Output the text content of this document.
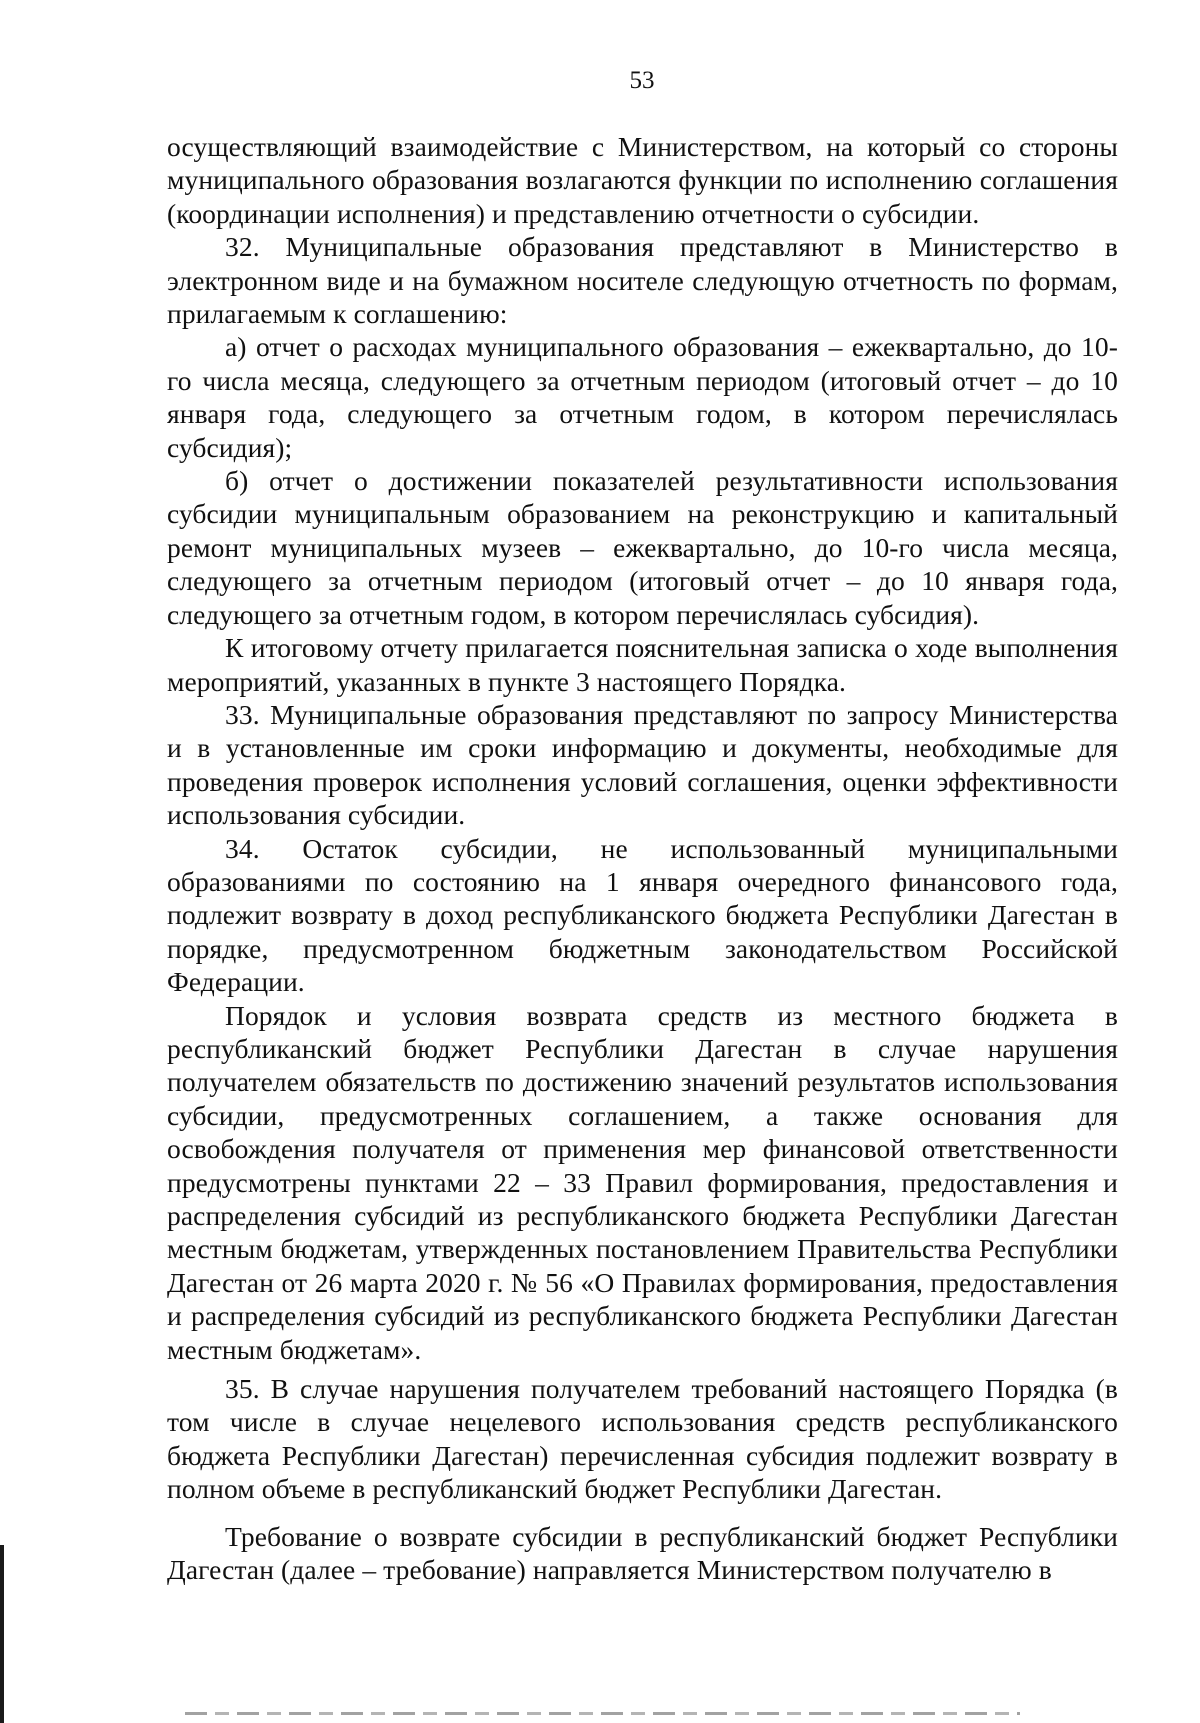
53

осуществляющий взаимодействие с Министерством, на который со стороны муниципального образования возлагаются функции по исполнению соглашения (координации исполнения) и представлению отчетности о субсидии.

32. Муниципальные образования представляют в Министерство в электронном виде и на бумажном носителе следующую отчетность по формам, прилагаемым к соглашению:

а) отчет о расходах муниципального образования – ежеквартально, до 10-го числа месяца, следующего за отчетным периодом (итоговый отчет – до 10 января года, следующего за отчетным годом, в котором перечислялась субсидия);

б) отчет о достижении показателей результативности использования субсидии муниципальным образованием на реконструкцию и капитальный ремонт муниципальных музеев – ежеквартально, до 10-го числа месяца, следующего за отчетным периодом (итоговый отчет – до 10 января года, следующего за отчетным годом, в котором перечислялась субсидия).

К итоговому отчету прилагается пояснительная записка о ходе выполнения мероприятий, указанных в пункте 3 настоящего Порядка.

33. Муниципальные образования представляют по запросу Министерства и в установленные им сроки информацию и документы, необходимые для проведения проверок исполнения условий соглашения, оценки эффективности использования субсидии.

34. Остаток субсидии, не использованный муниципальными образованиями по состоянию на 1 января очередного финансового года, подлежит возврату в доход республиканского бюджета Республики Дагестан в порядке, предусмотренном бюджетным законодательством Российской Федерации.

Порядок и условия возврата средств из местного бюджета в республиканский бюджет Республики Дагестан в случае нарушения получателем обязательств по достижению значений результатов использования субсидии, предусмотренных соглашением, а также основания для освобождения получателя от применения мер финансовой ответственности предусмотрены пунктами 22 – 33 Правил формирования, предоставления и распределения субсидий из республиканского бюджета Республики Дагестан местным бюджетам, утвержденных постановлением Правительства Республики Дагестан от 26 марта 2020 г. № 56 «О Правилах формирования, предоставления и распределения субсидий из республиканского бюджета Республики Дагестан местным бюджетам».

35. В случае нарушения получателем требований настоящего Порядка (в том числе в случае нецелевого использования средств республиканского бюджета Республики Дагестан) перечисленная субсидия подлежит возврату в полном объеме в республиканский бюджет Республики Дагестан.

Требование о возврате субсидии в республиканский бюджет Республики Дагестан (далее – требование) направляется Министерством получателю в
